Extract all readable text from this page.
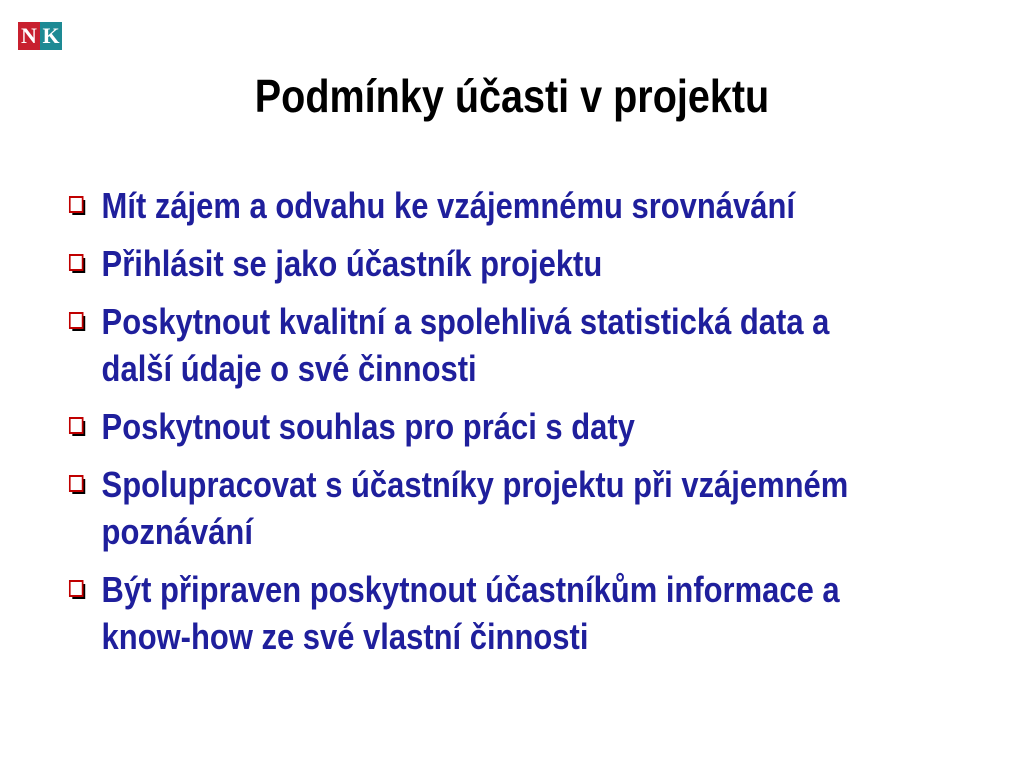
N K
Podmínky účasti v projektu
Mít zájem a odvahu ke vzájemnému srovnávání
Přihlásit se jako účastník projektu
Poskytnout kvalitní a spolehlivá statistická data a další údaje o své činnosti
Poskytnout souhlas pro práci s daty
Spolupracovat s účastníky projektu při vzájemném poznávání
Být připraven poskytnout účastníkům informace a know-how ze své vlastní činnosti
